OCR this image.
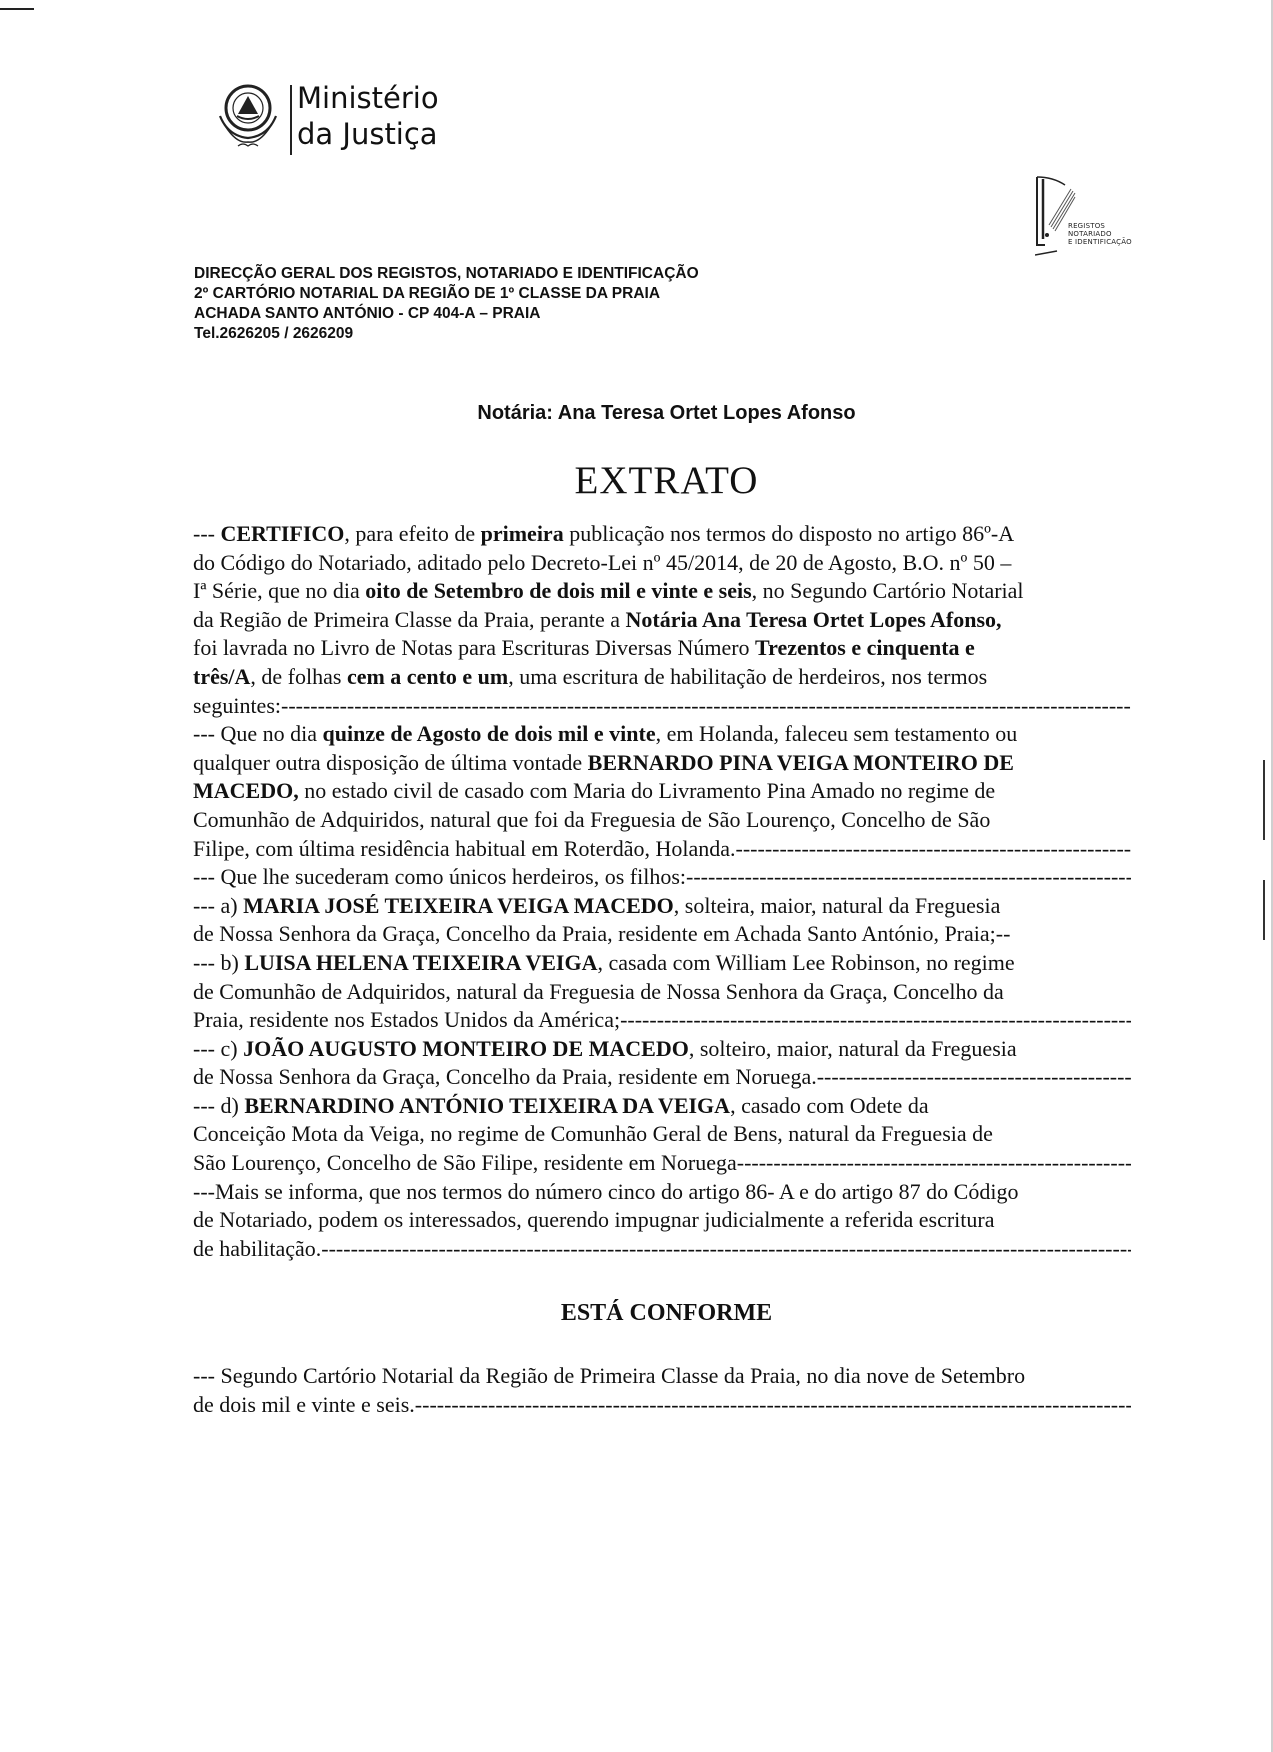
Ministério
da Justiça
REGISTOS
NOTARIADO
E IDENTIFICAÇÃO
DIRECÇÃO GERAL DOS REGISTOS, NOTARIADO E IDENTIFICAÇÃO
2º CARTÓRIO NOTARIAL DA REGIÃO DE 1º CLASSE DA PRAIA
ACHADA SANTO ANTÓNIO - CP 404-A – PRAIA
Tel.2626205 / 2626209
Notária: Ana Teresa Ortet Lopes Afonso
EXTRATO
--- CERTIFICO, para efeito de primeira publicação nos termos do disposto no artigo 86º-A
do Código do Notariado, aditado pelo Decreto-Lei nº 45/2014, de 20 de Agosto, B.O. nº 50 –
Iª Série, que no dia oito de Setembro de dois mil e vinte e seis, no Segundo Cartório Notarial
da Região de Primeira Classe da Praia, perante a Notária Ana Teresa Ortet Lopes Afonso,
foi lavrada no Livro de Notas para Escrituras Diversas Número Trezentos e cinquenta e
três/A, de folhas cem a cento e um, uma escritura de habilitação de herdeiros, nos termos
seguintes:
-----
--- Que no dia quinze de Agosto de dois mil e vinte, em Holanda, faleceu sem testamento ou
qualquer outra disposição de última vontade BERNARDO PINA VEIGA MONTEIRO DE
MACEDO, no estado civil de casado com Maria do Livramento Pina Amado no regime de
Comunhão de Adquiridos, natural que foi da Freguesia de São Lourenço, Concelho de São
Filipe, com última residência habitual em Roterdão, Holanda.
-----
--- Que lhe sucederam como únicos herdeiros, os filhos:
-----
--- a) MARIA JOSÉ TEIXEIRA VEIGA MACEDO, solteira, maior, natural da Freguesia
de Nossa Senhora da Graça, Concelho da Praia, residente em Achada Santo António, Praia;--
--- b) LUISA HELENA TEIXEIRA VEIGA, casada com William Lee Robinson, no regime
de Comunhão de Adquiridos, natural da Freguesia de Nossa Senhora da Graça, Concelho da
Praia, residente nos Estados Unidos da América;
-----
--- c) JOÃO AUGUSTO MONTEIRO DE MACEDO, solteiro, maior, natural da Freguesia
de Nossa Senhora da Graça, Concelho da Praia, residente em Noruega.
-----
--- d) BERNARDINO ANTÓNIO TEIXEIRA DA VEIGA, casado com Odete da
Conceição Mota da Veiga, no regime de Comunhão Geral de Bens, natural da Freguesia de
São Lourenço, Concelho de São Filipe, residente em Noruega
-----
---Mais se informa, que nos termos do número cinco do artigo 86- A e do artigo 87 do Código
de Notariado, podem os interessados, querendo impugnar judicialmente a referida escritura
de habilitação.
-----
ESTÁ CONFORME
--- Segundo Cartório Notarial da Região de Primeira Classe da Praia, no dia nove de Setembro
de dois mil e vinte e seis.
-----
